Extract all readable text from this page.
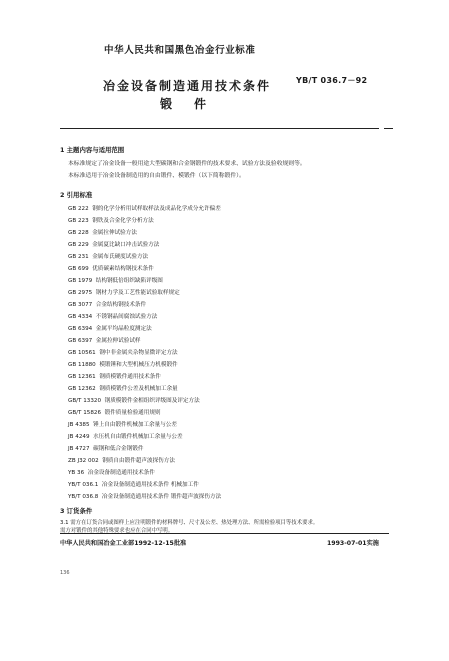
中华人民共和国黑色冶金行业标准
YB/T 036.7－92
冶金设备制造通用技术条件
锻件
1 主题内容与适用范围
本标准规定了冶金设备一般用途大型碳钢和合金钢锻件的技术要求、试验方法及验收规则等。
本标准适用于冶金设备制造用的自由锻件、模锻件（以下简称锻件）。
2 引用标准
GB 222 钢的化学分析用试样取样法及成品化学成分允许偏差
GB 223 钢铁及合金化学分析方法
GB 228 金属拉伸试验方法
GB 229 金属夏比缺口冲击试验方法
GB 231 金属布氏硬度试验方法
GB 699 优质碳素结构钢技术条件
GB 1979 结构钢低倍组织缺陷评级图
GB 2975 钢材力学及工艺性能试验取样规定
GB 3077 合金结构钢技术条件
GB 4334 不锈钢晶间腐蚀试验方法
GB 6394 金属平均晶粒度测定法
GB 6397 金属拉伸试验试样
GB 10561 钢中非金属夹杂物显微评定方法
GB 11880 模锻锤和大型机械压力机模锻件
GB 12361 钢质模锻件通用技术条件
GB 12362 钢质模锻件公差及机械加工余量
GB/T 13320 钢质模锻件金相组织评级图及评定方法
GB/T 15826 锻件质量检验通用规则
JB 4385 锤上自由锻件机械加工余量与公差
JB 4249 水压机自由锻件机械加工余量与公差
JB 4727 碳钢和低合金钢锻件
ZB J32 002 钢质自由锻件超声波探伤方法
YB 36 冶金设备制造通用技术条件
YB/T 036.1 冶金设备制造通用技术条件 机械加工件
YB/T 036.8 冶金设备制造通用技术条件 锻件超声波探伤方法
3 订货条件
3.1 需方在订货合同或图样上应注明锻件的材料牌号、尺寸及公差、热处理方法、所需检验项目等技术要求。
需方对锻件的其他特殊要求也应在合同中写明。
中华人民共和国冶金工业部1992-12-15批准	1993-07-01实施
136
